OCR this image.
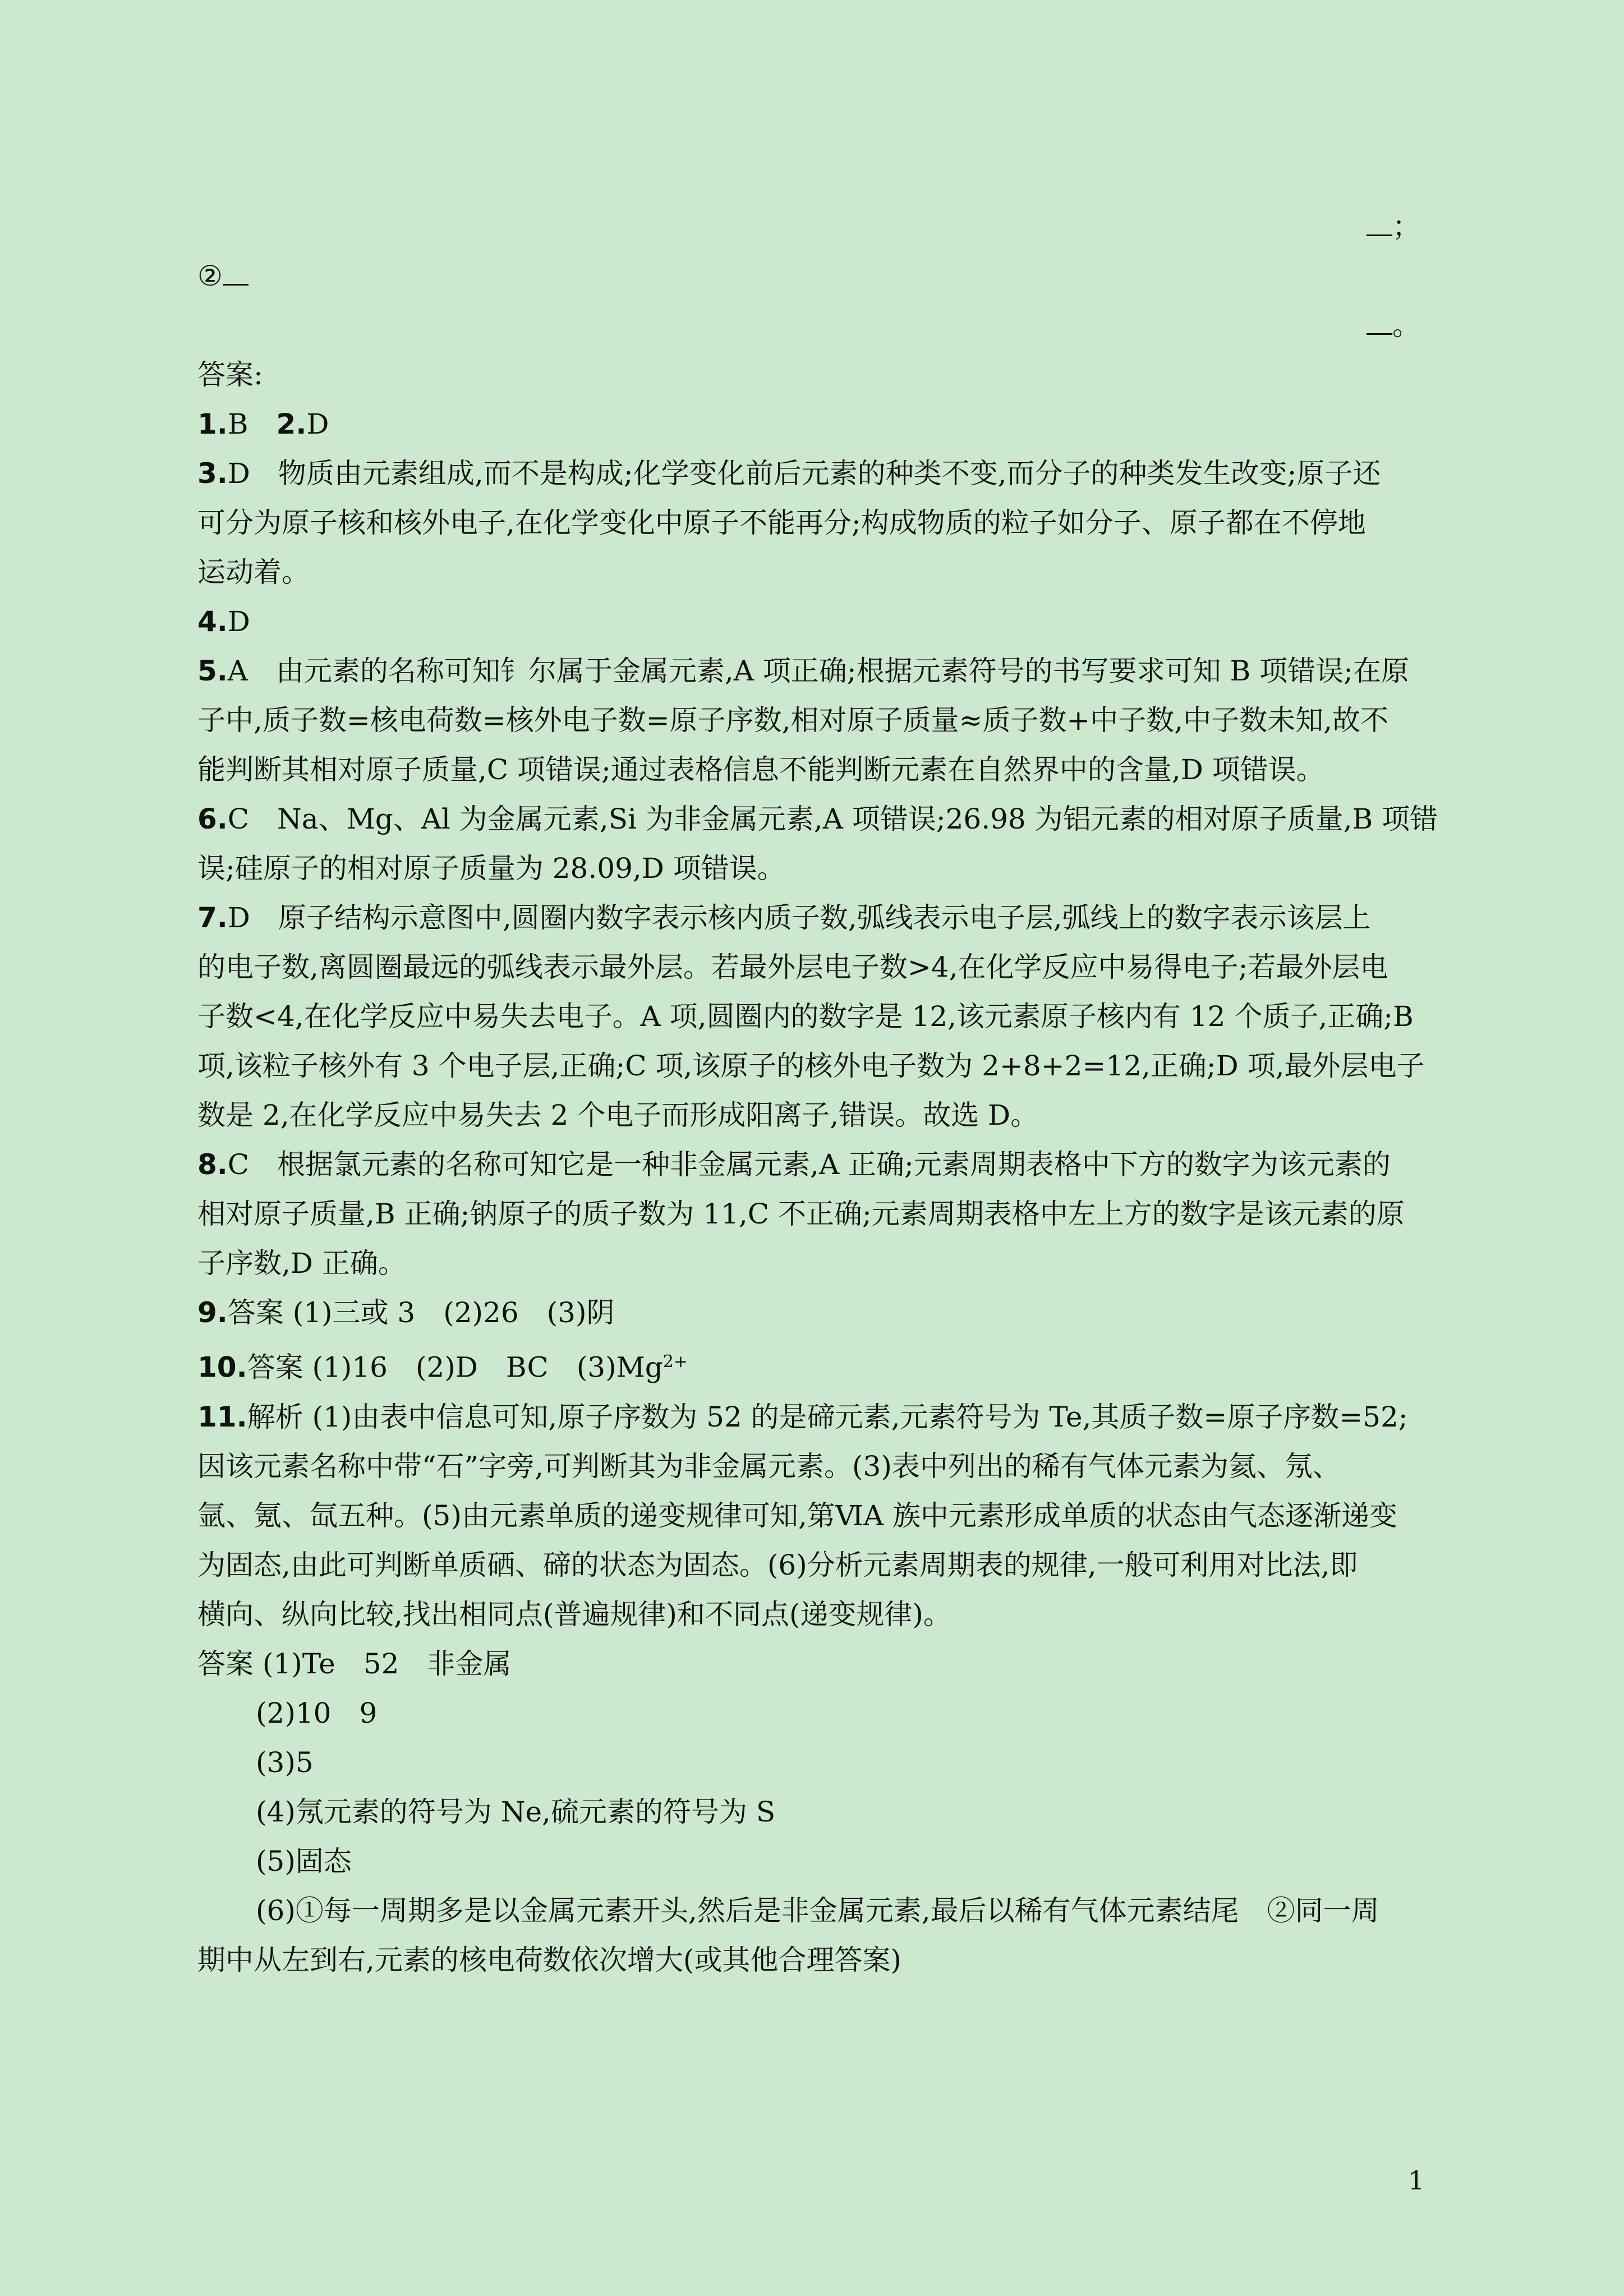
；
②
。
答案:
1.B　2.D
3.D　物质由元素组成,而不是构成;化学变化前后元素的种类不变,而分子的种类发生改变;原子还
可分为原子核和核外电子,在化学变化中原子不能再分;构成物质的粒子如分子、原子都在不停地
运动着。
4.D
5.A　由元素的名称可知钅尔属于金属元素,A 项正确;根据元素符号的书写要求可知 B 项错误;在原
子中,质子数=核电荷数=核外电子数=原子序数,相对原子质量≈质子数+中子数,中子数未知,故不
能判断其相对原子质量,C 项错误;通过表格信息不能判断元素在自然界中的含量,D 项错误。
6.C　Na、Mg、Al 为金属元素,Si 为非金属元素,A 项错误;26.98 为铝元素的相对原子质量,B 项错
误;硅原子的相对原子质量为 28.09,D 项错误。
7.D　原子结构示意图中,圆圈内数字表示核内质子数,弧线表示电子层,弧线上的数字表示该层上
的电子数,离圆圈最远的弧线表示最外层。若最外层电子数>4,在化学反应中易得电子;若最外层电
子数<4,在化学反应中易失去电子。A 项,圆圈内的数字是 12,该元素原子核内有 12 个质子,正确;B
项,该粒子核外有 3 个电子层,正确;C 项,该原子的核外电子数为 2+8+2=12,正确;D 项,最外层电子
数是 2,在化学反应中易失去 2 个电子而形成阳离子,错误。故选 D。
8.C　根据氯元素的名称可知它是一种非金属元素,A 正确;元素周期表格中下方的数字为该元素的
相对原子质量,B 正确;钠原子的质子数为 11,C 不正确;元素周期表格中左上方的数字是该元素的原
子序数,D 正确。
9.答案 (1)三或 3　(2)26　(3)阴
10.答案 (1)16　(2)D　BC　$(3)Mg^{2+}$
11.解析 (1)由表中信息可知,原子序数为 52 的是碲元素,元素符号为 Te,其质子数=原子序数=52;
因该元素名称中带“石”字旁,可判断其为非金属元素。(3)表中列出的稀有气体元素为氦、氖、
氩、氪、氙五种。(5)由元素单质的递变规律可知,第ⅥA 族中元素形成单质的状态由气态逐渐递变
为固态,由此可判断单质硒、碲的状态为固态。(6)分析元素周期表的规律,一般可利用对比法,即
横向、纵向比较,找出相同点(普遍规律)和不同点(递变规律)。
答案 (1)Te　52　非金属
(2)10　9
(3)5
(4)氖元素的符号为 Ne,硫元素的符号为 S
(5)固态
(6)①每一周期多是以金属元素开头,然后是非金属元素,最后以稀有气体元素结尾　②同一周
期中从左到右,元素的核电荷数依次增大(或其他合理答案)
1
